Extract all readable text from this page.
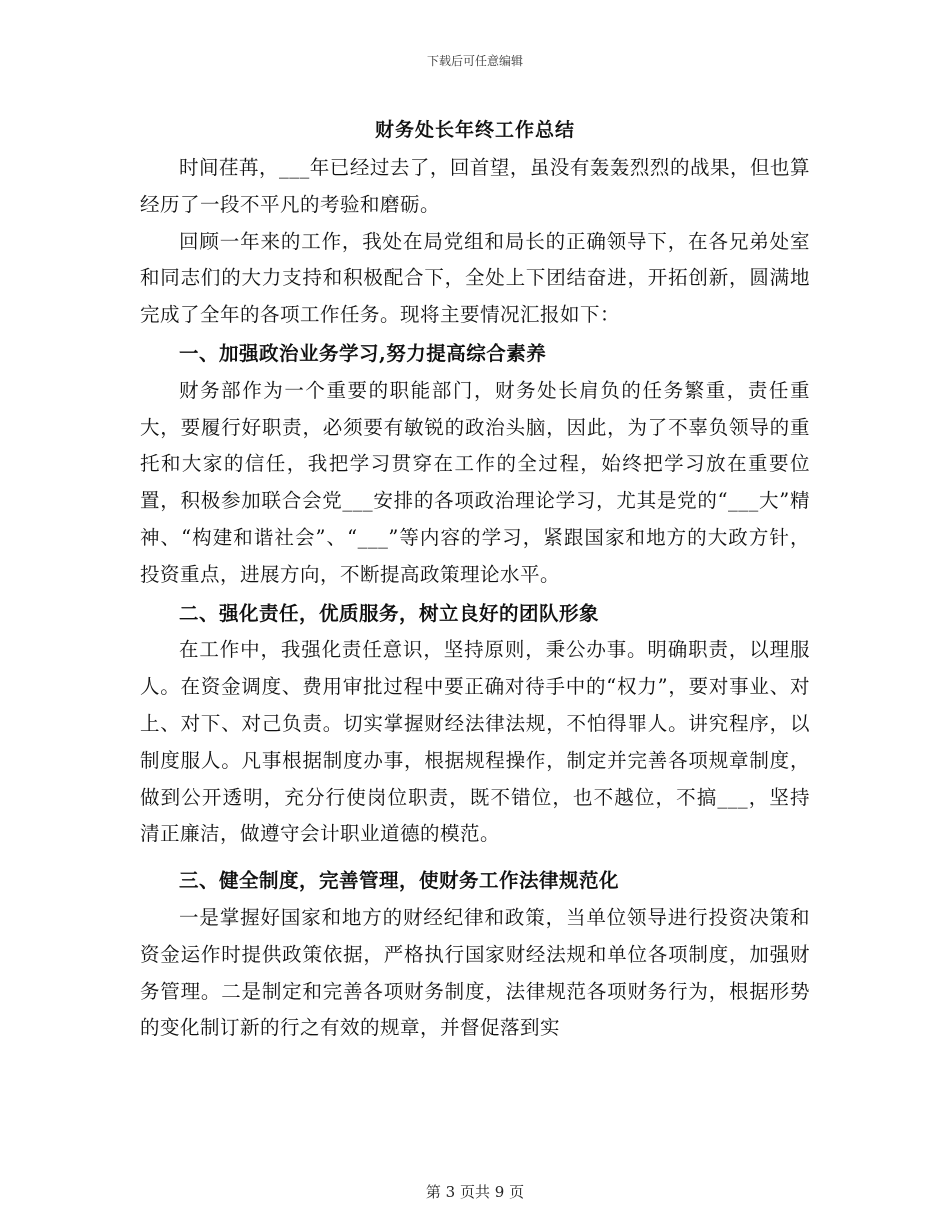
下载后可任意编辑
财务处长年终工作总结

时间荏苒，___年已经过去了，回首望，虽没有轰轰烈烈的战果，但也算经历了一段不平凡的考验和磨砺。

回顾一年来的工作，我处在局党组和局长的正确领导下，在各兄弟处室和同志们的大力支持和积极配合下，全处上下团结奋进，开拓创新，圆满地完成了全年的各项工作任务。现将主要情况汇报如下：

一、加强政治业务学习,努力提高综合素养

财务部作为一个重要的职能部门，财务处长肩负的任务繁重，责任重大，要履行好职责，必须要有敏锐的政治头脑，因此，为了不辜负领导的重托和大家的信任，我把学习贯穿在工作的全过程，始终把学习放在重要位置，积极参加联合会党___安排的各项政治理论学习，尤其是党的“___大”精神、“构建和谐社会”、“___”等内容的学习，紧跟国家和地方的大政方针，投资重点，进展方向，不断提高政策理论水平。

二、强化责任，优质服务，树立良好的团队形象

在工作中，我强化责任意识，坚持原则，秉公办事。明确职责，以理服人。在资金调度、费用审批过程中要正确对待手中的“权力”，要对事业、对上、对下、对己负责。切实掌握财经法律法规，不怕得罪人。讲究程序，以制度服人。凡事根据制度办事，根据规程操作，制定并完善各项规章制度，做到公开透明，充分行使岗位职责，既不错位，也不越位，不搞___，坚持清正廉洁，做遵守会计职业道德的模范。

三、健全制度，完善管理，使财务工作法律规范化

一是掌握好国家和地方的财经纪律和政策，当单位领导进行投资决策和资金运作时提供政策依据，严格执行国家财经法规和单位各项制度，加强财务管理。二是制定和完善各项财务制度，法律规范各项财务行为，根据形势的变化制订新的行之有效的规章，并督促落到实

第 3 页共 9 页
